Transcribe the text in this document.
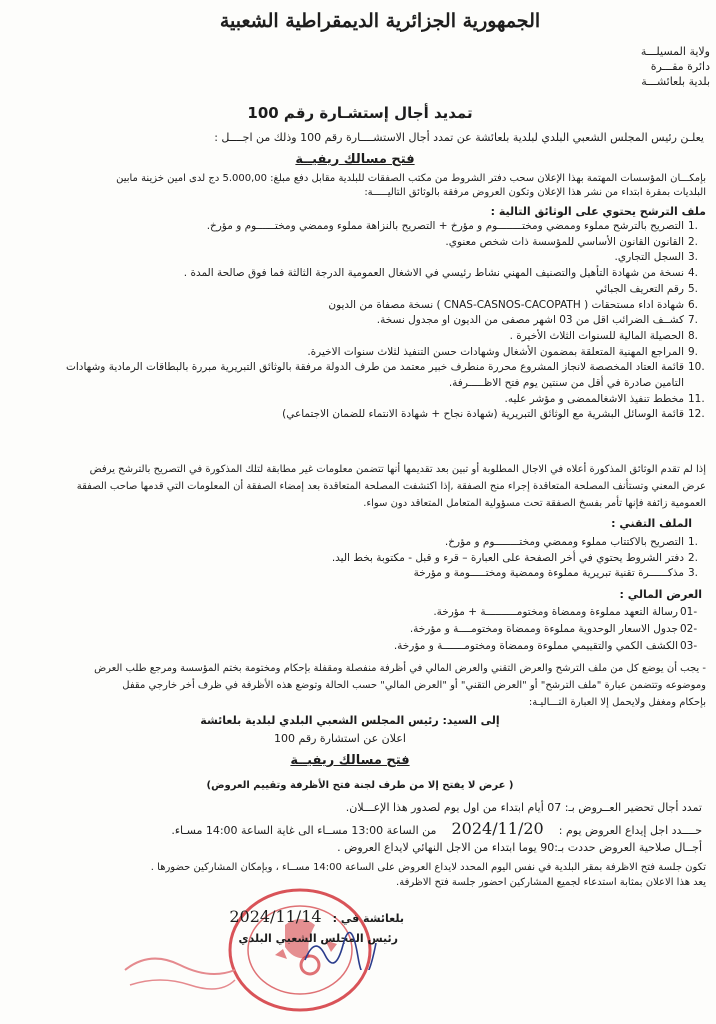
الجمهورية الجزائرية الديمقراطية الشعبية
ولاية المسيلـــة
دائرة مقـــرة
بلدية بلعائشـــة
تمديد أجال إستشـارة رقم 100
يعلـن رئيس المجلس الشعبي البلدي لبلدية بلعائشة عن تمدد أجال الاستشــــارة رقم 100 وذلك من اجــــل :
فتح مسالك ريفيــة
بإمكـــان المؤسسات المهتمة بهذا الإعلان سحب دفتر الشروط من مكتب الصفقات للبلدية مقابل دفع مبلغ: 5.000,00 دج لدى امين خزينة مابين
البلديات بمقرة ابتداء من نشر هذا الإعلان وتكون العروض مرفقة بالوثائق التاليـــــة:
ملف الترشح يحتوي على الوثائق التالية :
1.
التصريح بالترشح مملوء وممضي ومختــــــــوم و مؤرخ + التصريح بالنزاهة مملوء وممضي ومختــــــوم و مؤرخ.
2.
القانون القانون الأساسي للمؤسسة ذات شخص معنوي.
3.
السجل التجاري.
4.
نسخة من شهادة التأهيل والتصنيف المهني نشاط رئيسي في الاشغال العمومية الدرجة الثالثة فما فوق صالحة المدة .
5.
رقم التعريف الجبائي
6.
شهادة اداء مستحقات ( CNAS-CASNOS-CACOPATH ) نسخة مصفاة من الديون
7.
كشــف الضرائب اقل من 03 اشهر مصفى من الديون او مجدول نسخة.
8.
الحصيلة المالية للسنوات الثلاث الأخيرة .
9.
المراجع المهنية المتعلقة بمضمون الأشغال وشهادات حسن التنفيذ لثلاث سنوات الاخيرة.
10.
قائمة العتاد المخصصة لانجاز المشروع محررة منطرف خبير معتمد من طرف الدولة مرفقة بالوثائق التبريرية مبررة بالبطاقات الرمادية وشهادات
التامين صادرة في أقل من سنتين يوم فتح الاظـــــرفة.
11.
مخطط تنفيذ الاشغالممضى و مؤشر عليه.
12.
قائمة الوسائل البشرية مع الوثائق التبريرية (شهادة نجاح + شهادة الانتماء للضمان الاجتماعي)
إذا لم تقدم الوثائق المذكورة أعلاه في الاجال المطلوبة أو تبين بعد تقديمها أنها تتضمن معلومات غير مطابقة لتلك المذكورة في التصريح بالترشح يرفض
عرض المعني وتستأنف المصلحة المتعاقدة إجراء منح الصفقة ,إذا اكتشفت المصلحة المتعاقدة بعد إمضاء الصفقة أن المعلومات التي قدمها صاحب الصفقة
العمومية زائفة فإنها تأمر بفسخ الصفقة تحت مسؤولية المتعامل المتعاقد دون سواء.
الملف التقني :
1.
التصريح بالاكتتاب مملوء وممضي ومختــــــــوم و مؤرخ.
2.
دفتر الشروط يحتوي في أخر الصفحة على العبارة – قرء و قبل - مكتوبة بخط اليد.
3.
مذكــــــرة تقنية تبريرية مملوءة وممضية ومختـــــومة و مؤرخة
العرض المالي :
01-
رسالة التعهد مملوءة وممضاة ومختومــــــــــة + مؤرخة.
02-
جدول الاسعار الوحدوية مملوءة وممضاة ومختومــــة و مؤرخة.
03-
الكشف الكمي والتقييمي مملوءة وممضاة ومختومـــــــة و مؤرخة.
- يجب أن يوضع كل من ملف الترشح والعرض التقني والعرض المالي في أظرفة منفصلة ومقفلة بإحكام ومختومة بختم المؤسسة ومرجع طلب العرض
وموضوعه وتتضمن عبارة "ملف الترشح" أو "العرض التقني" أو "العرض المالي" حسب الحالة وتوضع هذه الأظرفة في ظرف أخر خارجي مقفل
بإحكام ومغفل ولايحمل إلا العبارة التـــاليـة:
إلى السيد: رئيس المجلس الشعبي البلدي لبلدية بلعائشة
اعلان عن استشارة رقم 100
فتح مسالك ريفيــة
(عرض لا يفتح إلا من طرف لجنة فتح الأظرفة وتقييم العروض )
تمدد أجال تحضير العــروض بـ: 07 أيام ابتداء من اول يوم لصدور هذا الإعـــلان.
حــــدد اجل إيداع العروض يوم : 2024/11/20 من الساعة 13:00 مســاء الى غاية الساعة 14:00 مسـاء.
أجــال صلاحية العروض حددت بـ:90 يوما ابتداء من الاجل النهائي لايداع العروض .
تكون جلسة فتح الاظرفة بمقر البلدية في نفس اليوم المحدد لايداع العروض على الساعة 14:00 مســاء ، وبإمكان المشاركين حضورها .
يعد هذا الاعلان بمثابة استدعاء لجميع المشاركين احضور جلسة فتح الاظرفة.
بلعائشة في : 2024/11/14
رئيس المجلس الشعبي البلدي
